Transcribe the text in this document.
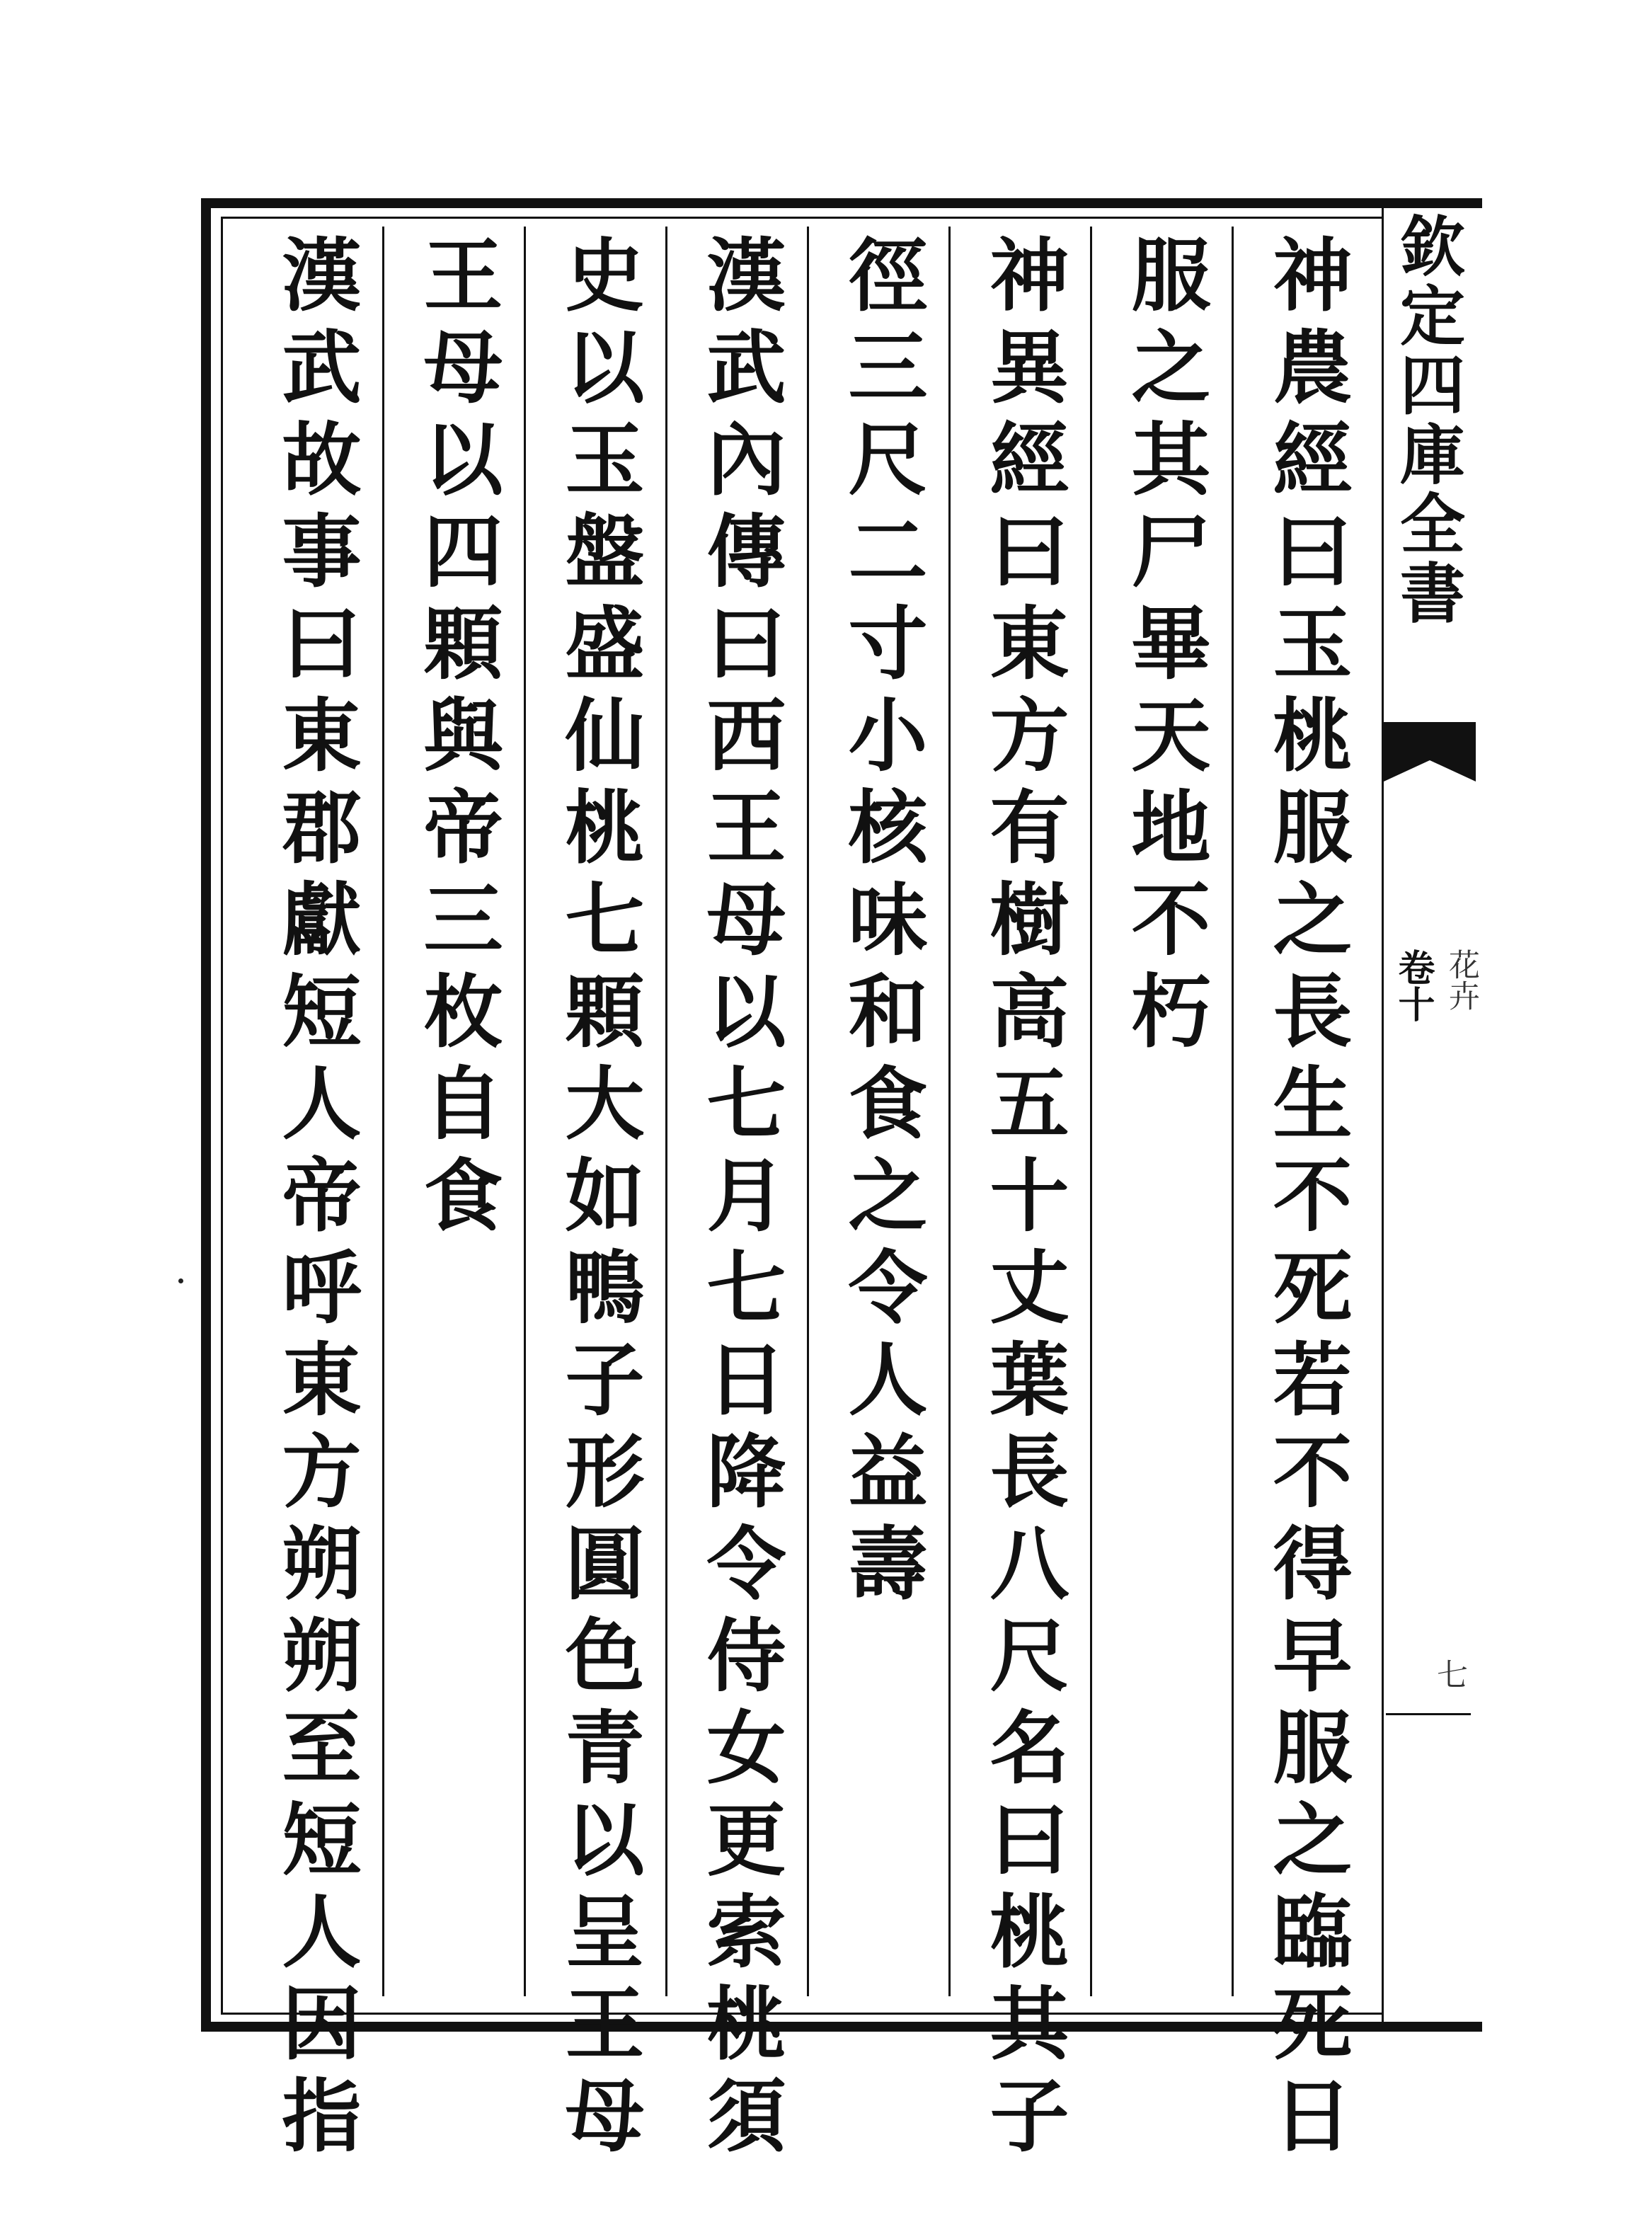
欽定四庫全書
卷十 花卉
七
神農經曰玉桃服之長生不死若不得早服之臨死日
服之其尸畢天地不朽
神異經曰東方有樹高五十丈葉長八尺名曰桃其子
徑三尺二寸小核味和食之令人益壽
漢武內傳曰西王母以七月七日降令侍女更索桃須
史以玉盤盛仙桃七顆大如鴨子形圓色青以呈王母
王母以四顆與帝三枚自食
漢武故事曰東郡獻短人帝呼東方朔朔至短人因指
